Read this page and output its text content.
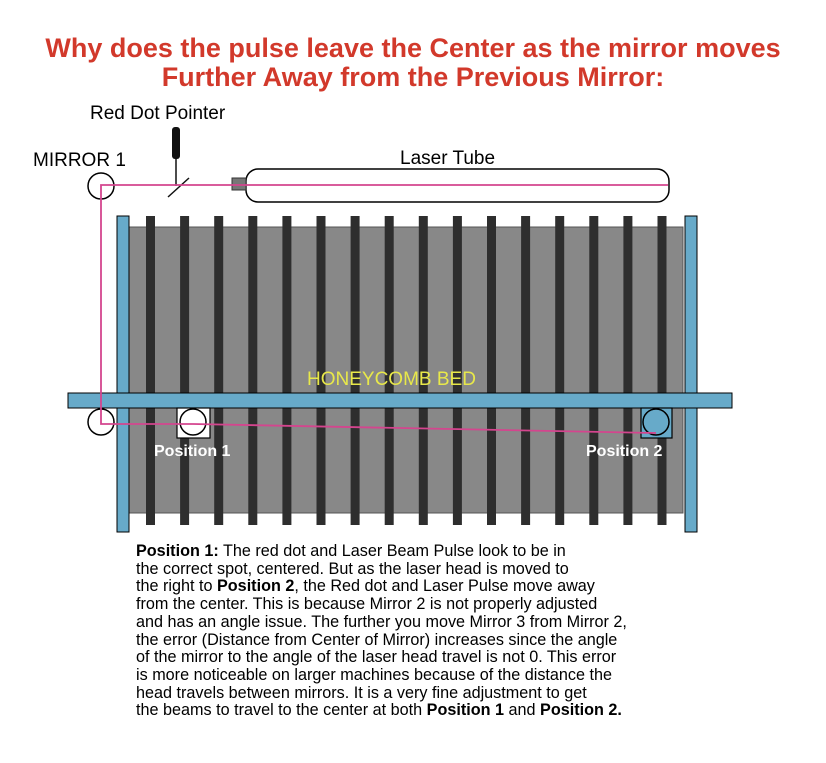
Why does the pulse leave the Center as the mirror moves
Further Away from the Previous Mirror:
Red Dot Pointer
MIRROR 1	Laser Tube
HONEYCOMB BED
Position 1	Position 2
Position 1: The red dot and Laser Beam Pulse look to be in
the correct spot, centered. But as the laser head is moved to
the right to Position 2, the Red dot and Laser Pulse move away
from the center. This is because Mirror 2 is not properly adjusted
and has an angle issue. The further you move Mirror 3 from Mirror 2,
the error (Distance from Center of Mirror) increases since the angle
of the mirror to the angle of the laser head travel is not 0. This error
is more noticeable on larger machines because of the distance the
head travels between mirrors. It is a very fine adjustment to get
the beams to travel to the center at both Position 1 and Position 2.
